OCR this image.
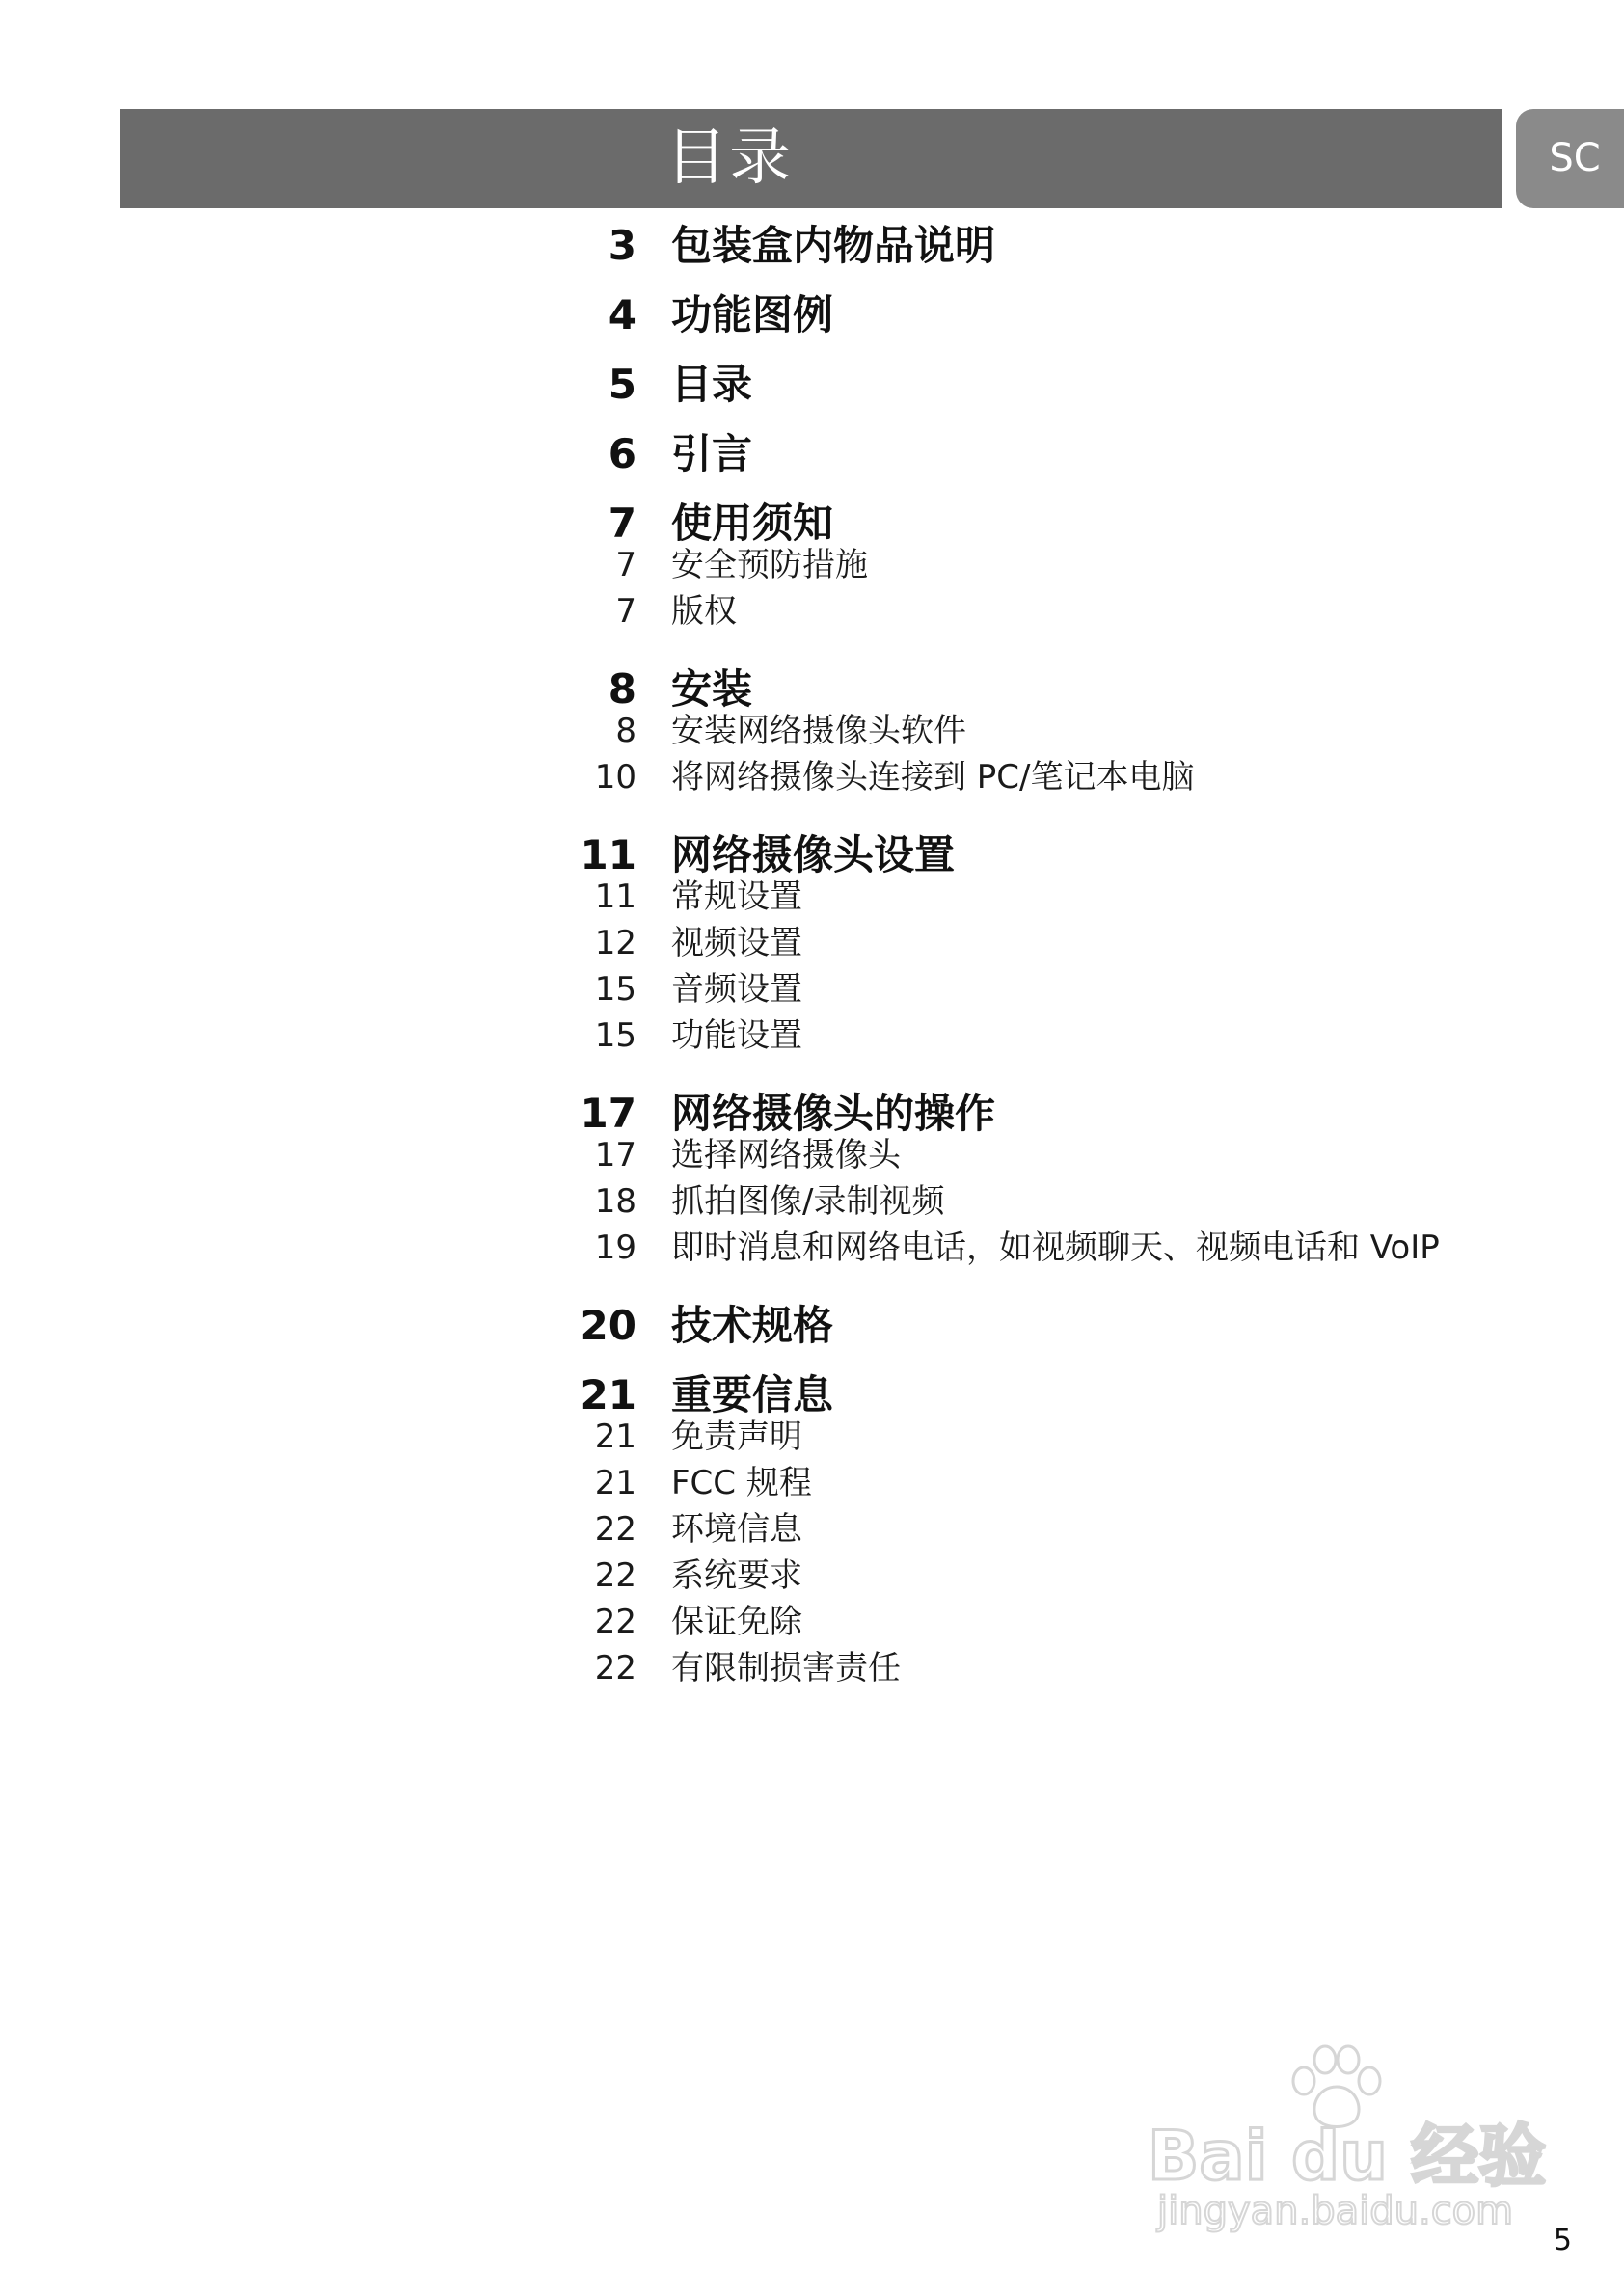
目录	SC
3 包装盒内物品说明
4 功能图例
5 目录
6 引言
7 使用须知
7 安全预防措施
7 版权
8 安装
8 安装网络摄像头软件
10 将网络摄像头连接到 PC/笔记本电脑
11 网络摄像头设置
11 常规设置
12 视频设置
15 音频设置
15 功能设置
17 网络摄像头的操作
17 选择网络摄像头
18 抓拍图像/录制视频
19 即时消息和网络电话，如视频聊天、视频电话和 VoIP
20 技术规格
21 重要信息
21 免责声明
21 FCC 规程
22 环境信息
22 系统要求
22 保证免除
22 有限制损害责任
Bai du 经验
jingyan.baidu.com
5
